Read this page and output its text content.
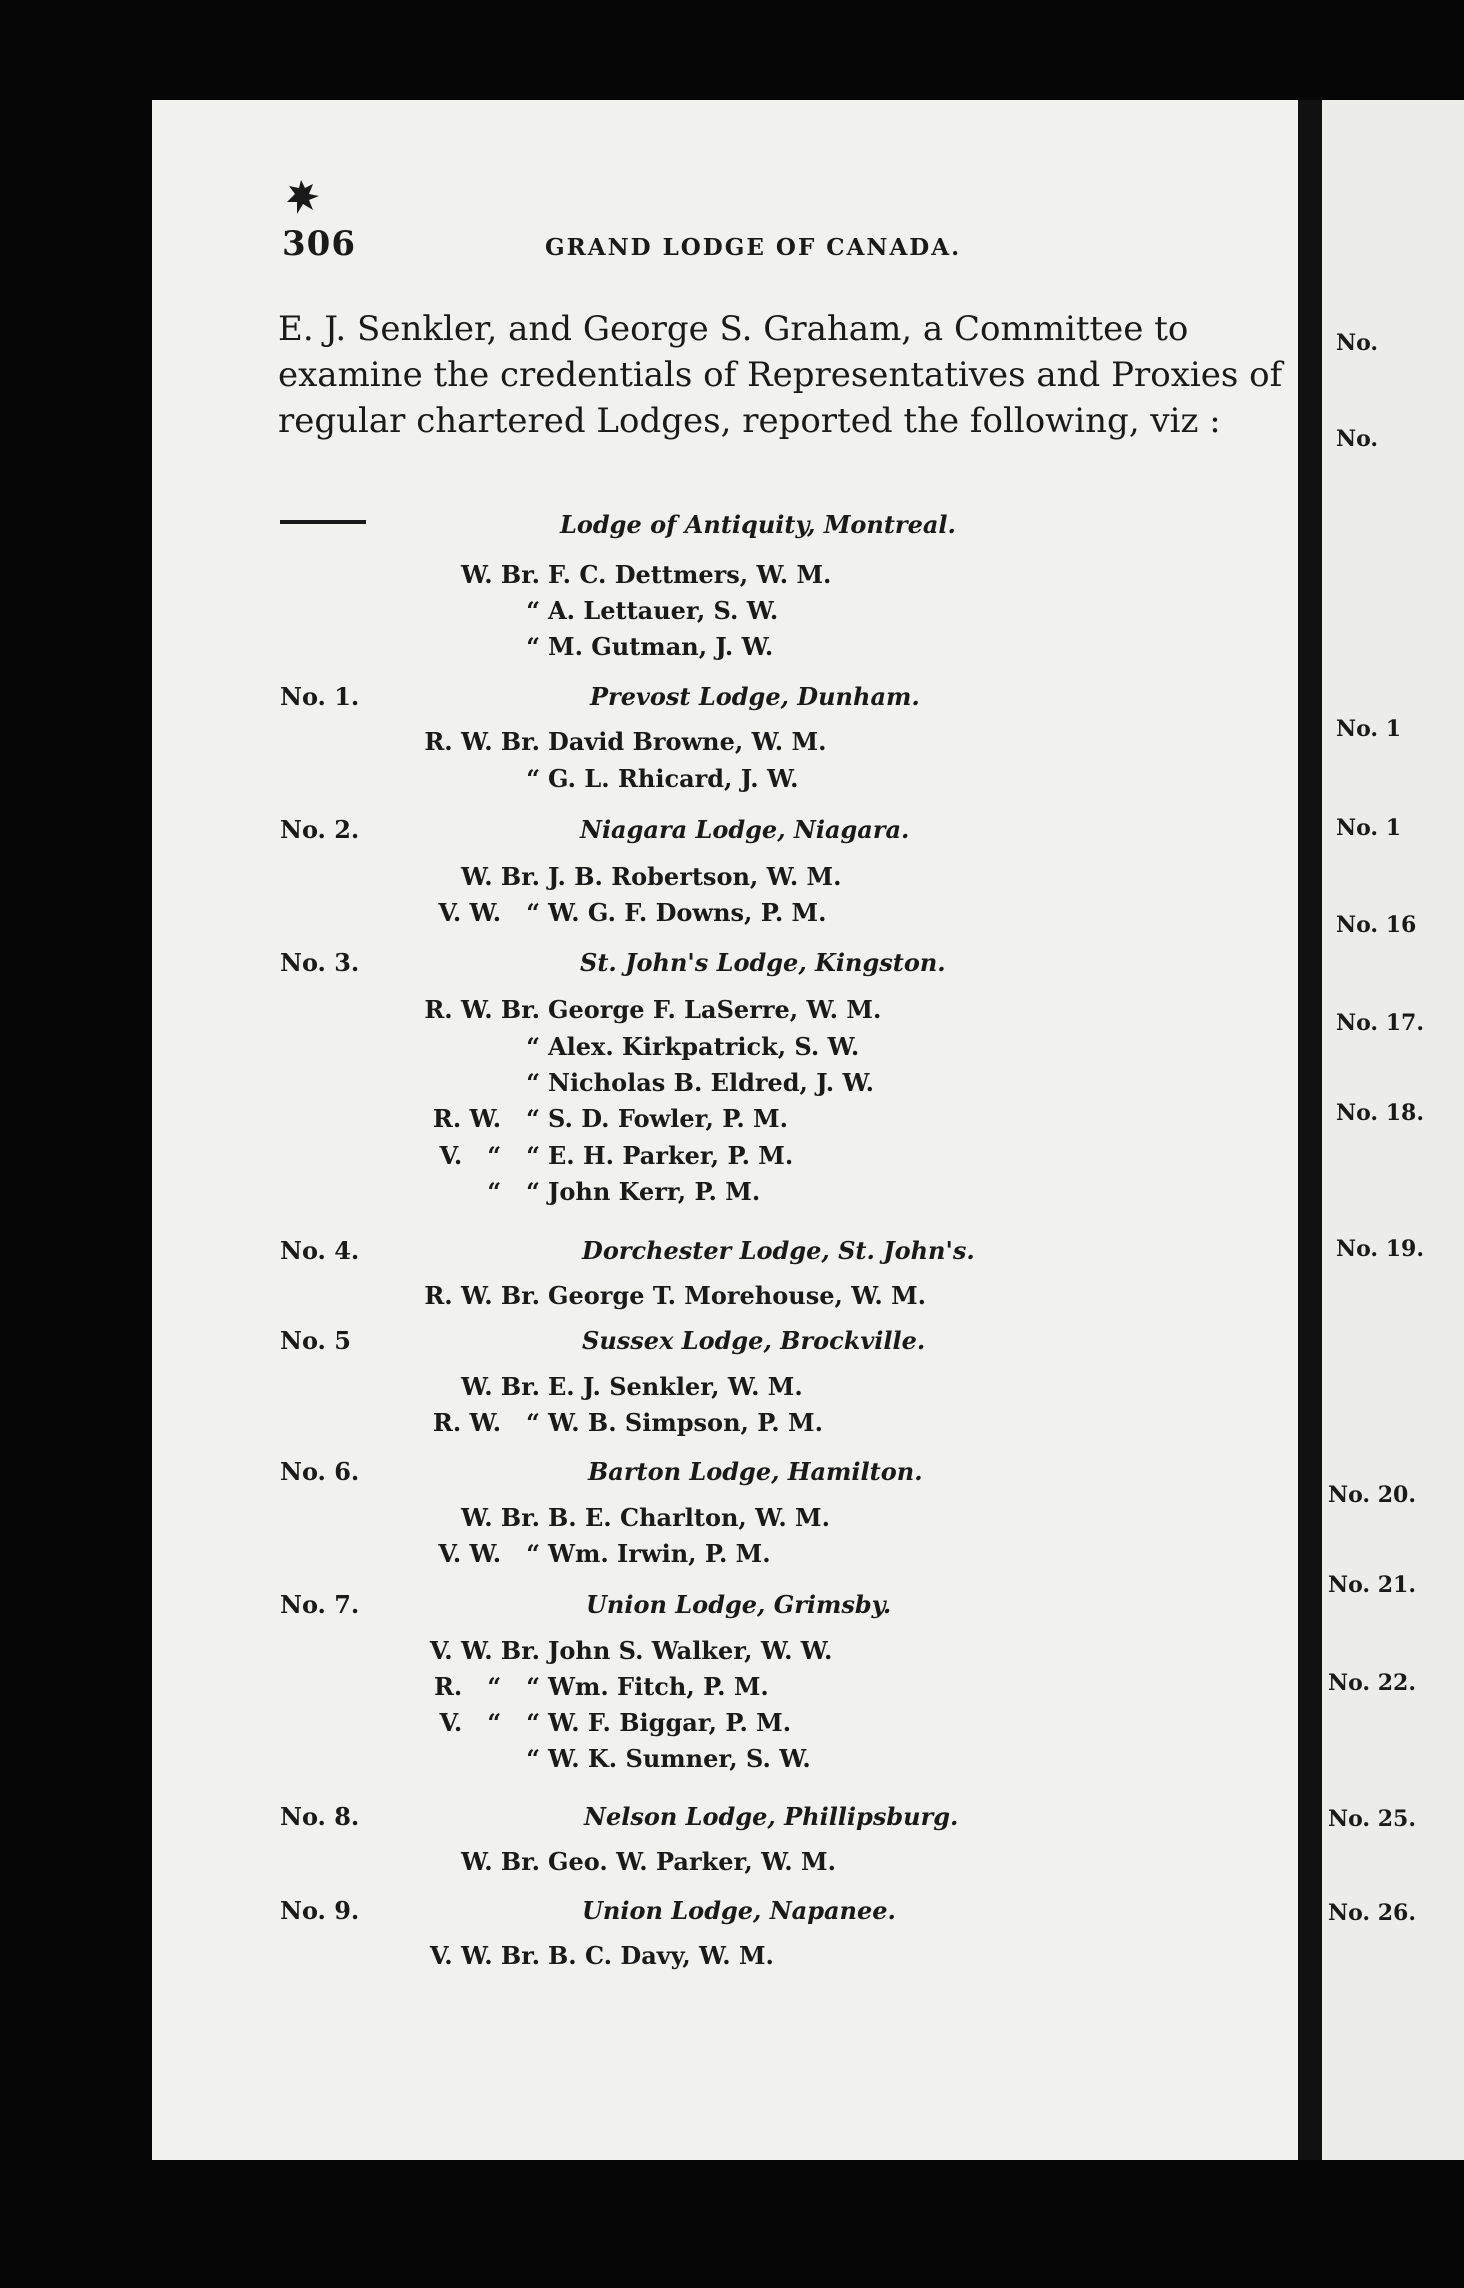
306	GRAND LODGE OF CANADA.
E. J. Senkler, and George S. Graham, a Committee to
examine the credentials of Representatives and Proxies of
regular chartered Lodges, reported the following, viz :
Lodge of Antiquity, Montreal.
W. Br. F. C. Dettmers, W. M.
“ A. Lettauer, S. W.
“ M. Gutman, J. W.
No. 1.	Prevost Lodge, Dunham.
R. W. Br. David Browne, W. M.
“ G. L. Rhicard, J. W.
No. 2.	Niagara Lodge, Niagara.
W. Br. J. B. Robertson, W. M.
V. W.   “ W. G. F. Downs, P. M.
No. 3.	St. John's Lodge, Kingston.
R. W. Br. George F. LaSerre, W. M.
“ Alex. Kirkpatrick, S. W.
“ Nicholas B. Eldred, J. W.
R. W.   “ S. D. Fowler, P. M.
V.   “   “ E. H. Parker, P. M.
“   “ John Kerr, P. M.
No. 4.	Dorchester Lodge, St. John's.
R. W. Br. George T. Morehouse, W. M.
No. 5	Sussex Lodge, Brockville.
W. Br. E. J. Senkler, W. M.
R. W.   “ W. B. Simpson, P. M.
No. 6.	Barton Lodge, Hamilton.
W. Br. B. E. Charlton, W. M.
V. W.   “ Wm. Irwin, P. M.
No. 7.	Union Lodge, Grimsby.
V. W. Br. John S. Walker, W. W.
R.   “   “ Wm. Fitch, P. M.
V.   “   “ W. F. Biggar, P. M.
“ W. K. Sumner, S. W.
No. 8.	Nelson Lodge, Phillipsburg.
W. Br. Geo. W. Parker, W. M.
No. 9.	Union Lodge, Napanee.
V. W. Br. B. C. Davy, W. M.
No.
No.
No. 1
No. 1
No. 16
No. 17.
No. 18.
No. 19.
No. 20.
No. 21.
No. 22.
No. 25.
No. 26.
